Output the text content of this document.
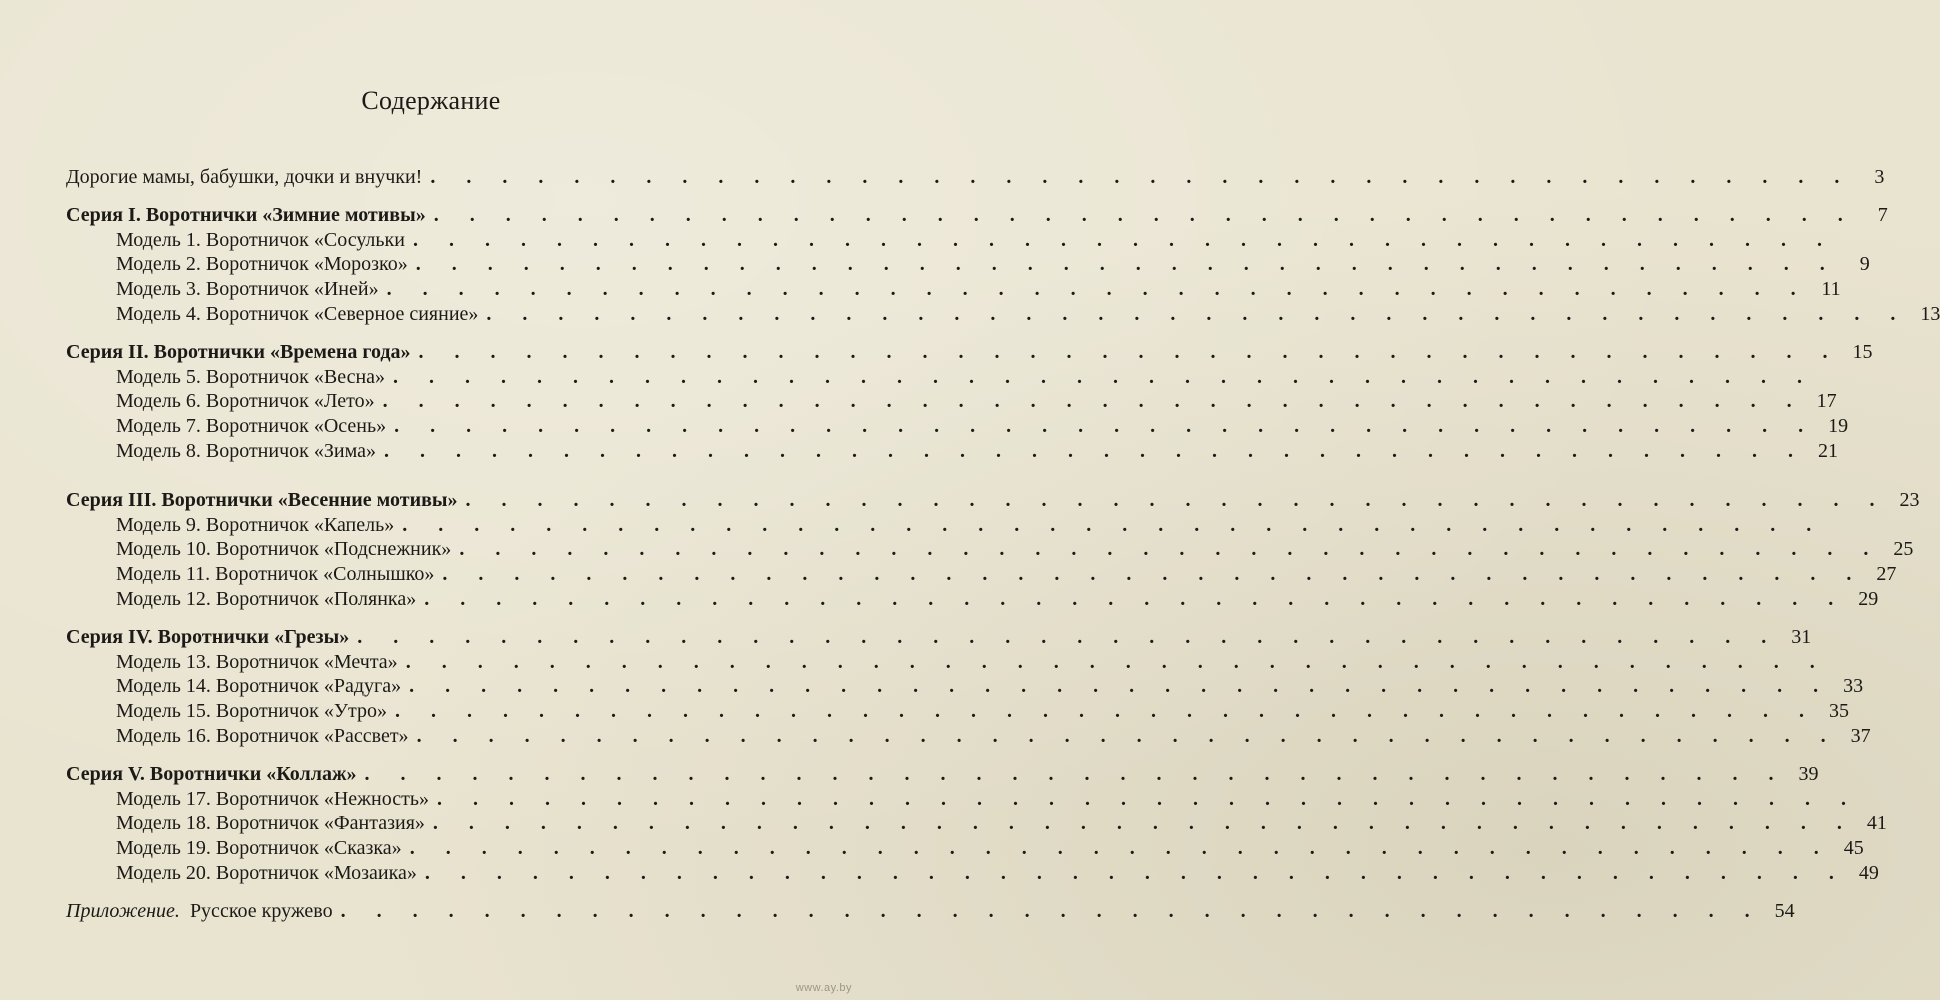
Содержание
Дорогие мамы, бабушки, дочки и внучки! . . . . . . . . . . . . . . . . . . . . . . . . . . . . . . . . . . . . . . . .	3
Серия I. Воротнички «Зимние мотивы» . . . . . . . . . . . . . . . . . . . . . . . . . . . . . . . . . . . . . . . .	7
Модель 1. Воротничок «Сосульки . . . . . . . . . . . . . . . . . . . . . . . . . . . . . . . . . . . . . . . .
Модель 2. Воротничок «Морозко» . . . . . . . . . . . . . . . . . . . . . . . . . . . . . . . . . . . . . . . .	9
Модель 3. Воротничок «Иней» . . . . . . . . . . . . . . . . . . . . . . . . . . . . . . . . . . . . . . . . 11
Модель 4. Воротничок «Северное сияние» . . . . . . . . . . . . . . . . . . . . . . . . . . . . . . . . . . . . . . . . 13
Серия II. Воротнички «Времена года» . . . . . . . . . . . . . . . . . . . . . . . . . . . . . . . . . . . . . . . . 15
Модель 5. Воротничок «Весна» . . . . . . . . . . . . . . . . . . . . . . . . . . . . . . . . . . . . . . . .
Модель 6. Воротничок «Лето» . . . . . . . . . . . . . . . . . . . . . . . . . . . . . . . . . . . . . . . . 17
Модель 7. Воротничок «Осень» . . . . . . . . . . . . . . . . . . . . . . . . . . . . . . . . . . . . . . . . 19
Модель 8. Воротничок «Зима» . . . . . . . . . . . . . . . . . . . . . . . . . . . . . . . . . . . . . . . . 21
Серия III. Воротнички «Весенние мотивы» . . . . . . . . . . . . . . . . . . . . . . . . . . . . . . . . . . . . . . . . 23
Модель 9. Воротничок «Капель» . . . . . . . . . . . . . . . . . . . . . . . . . . . . . . . . . . . . . . . .
Модель 10. Воротничок «Подснежник» . . . . . . . . . . . . . . . . . . . . . . . . . . . . . . . . . . . . . . . . 25
Модель 11. Воротничок «Солнышко» . . . . . . . . . . . . . . . . . . . . . . . . . . . . . . . . . . . . . . . . 27
Модель 12. Воротничок «Полянка» . . . . . . . . . . . . . . . . . . . . . . . . . . . . . . . . . . . . . . . . 29
Серия IV. Воротнички «Грезы» . . . . . . . . . . . . . . . . . . . . . . . . . . . . . . . . . . . . . . . . 31
Модель 13. Воротничок «Мечта» . . . . . . . . . . . . . . . . . . . . . . . . . . . . . . . . . . . . . . . .
Модель 14. Воротничок «Радуга» . . . . . . . . . . . . . . . . . . . . . . . . . . . . . . . . . . . . . . . . 33
Модель 15. Воротничок «Утро» . . . . . . . . . . . . . . . . . . . . . . . . . . . . . . . . . . . . . . . . 35
Модель 16. Воротничок «Рассвет» . . . . . . . . . . . . . . . . . . . . . . . . . . . . . . . . . . . . . . . . 37
Серия V. Воротнички «Коллаж» . . . . . . . . . . . . . . . . . . . . . . . . . . . . . . . . . . . . . . . . 39
Модель 17. Воротничок «Нежность» . . . . . . . . . . . . . . . . . . . . . . . . . . . . . . . . . . . . . . . .
Модель 18. Воротничок «Фантазия» . . . . . . . . . . . . . . . . . . . . . . . . . . . . . . . . . . . . . . . . 41
Модель 19. Воротничок «Сказка» . . . . . . . . . . . . . . . . . . . . . . . . . . . . . . . . . . . . . . . . 45
Модель 20. Воротничок «Мозаика» . . . . . . . . . . . . . . . . . . . . . . . . . . . . . . . . . . . . . . . . 49
Приложение. Русское кружево . . . . . . . . . . . . . . . . . . . . . . . . . . . . . . . . . . . . . . . . 54
www.ay.by
